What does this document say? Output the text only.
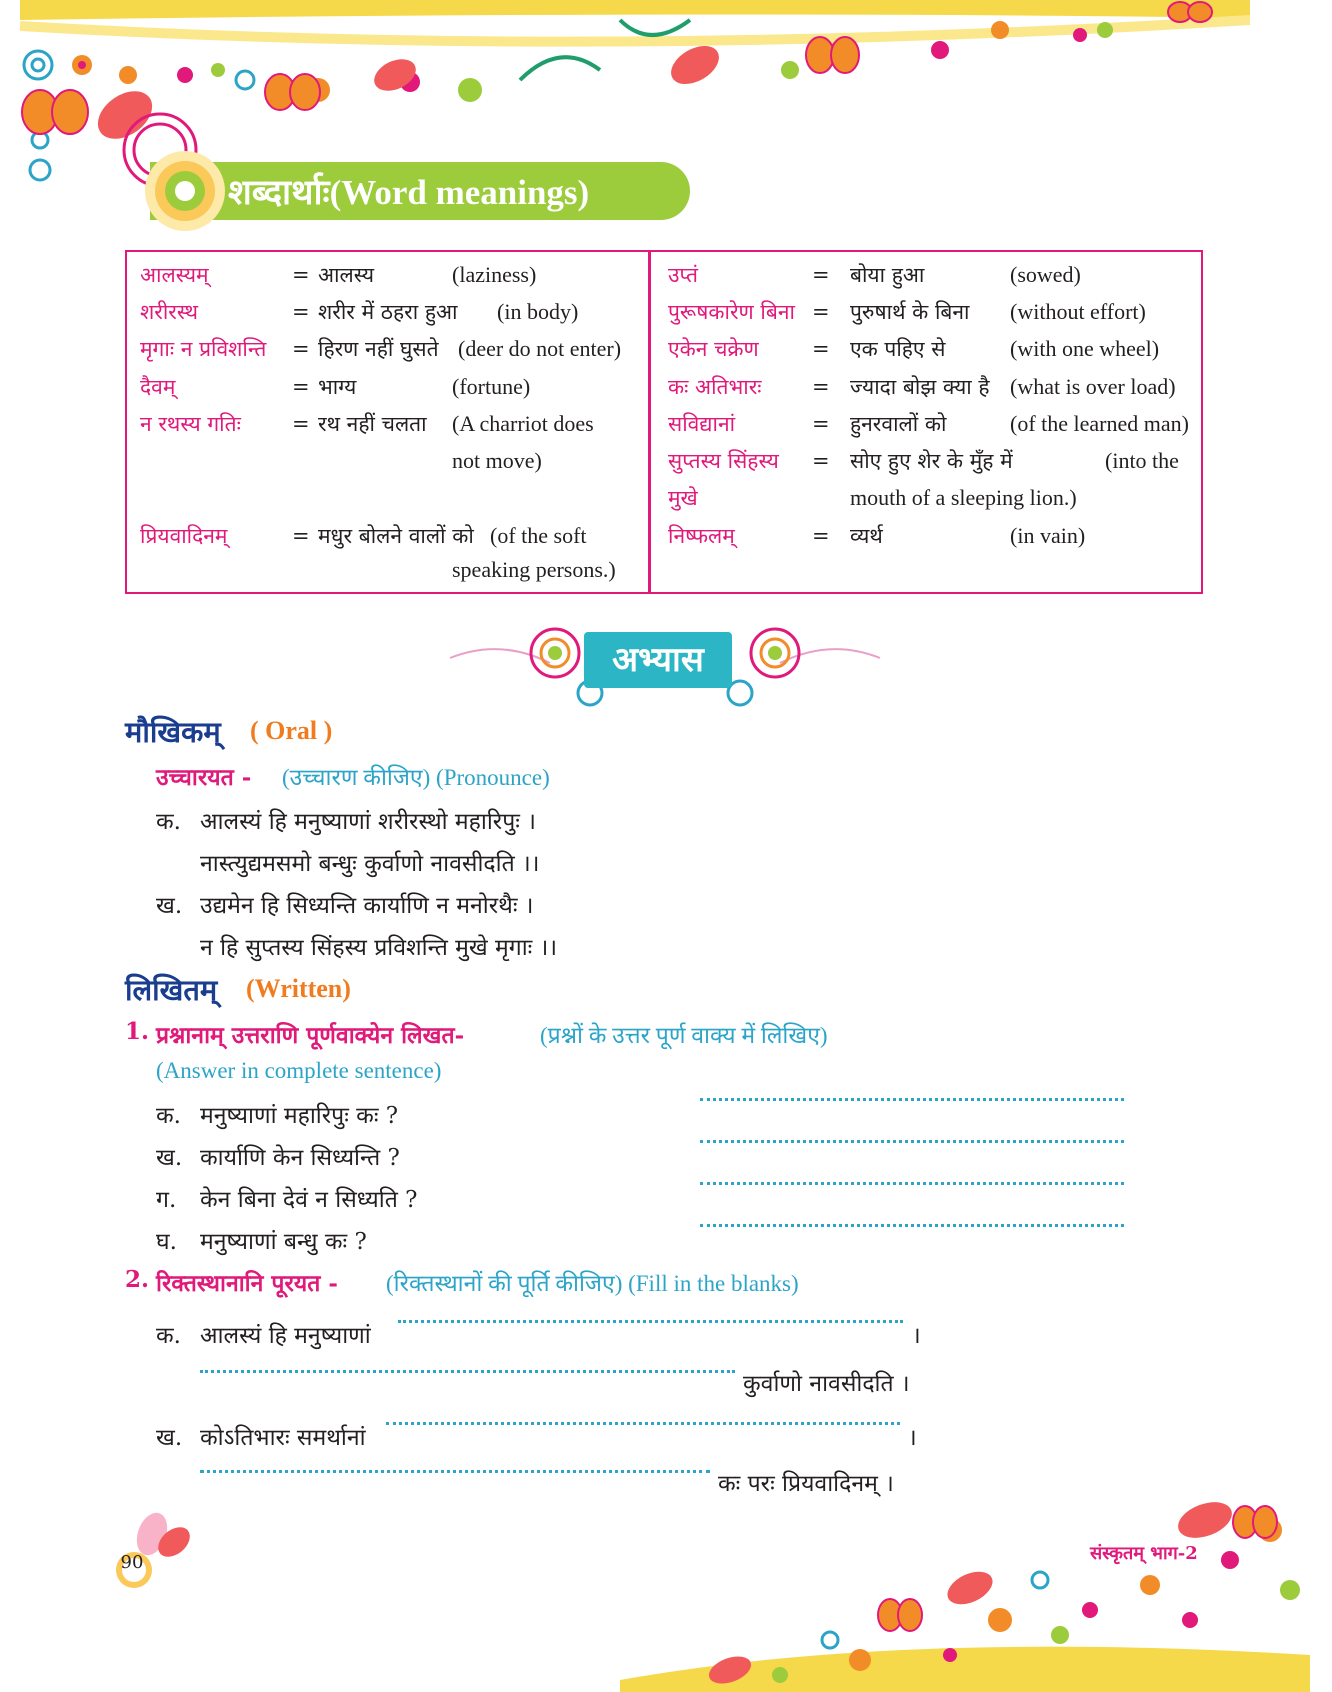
शब्दार्थाः(Word meanings)
आलस्यम्	= आलस्य	(laziness)
शरीरस्थ	= शरीर में ठहरा हुआ (in body)
मृगाः न प्रविशन्ति = हिरण नहीं घुसते (deer do not enter)
दैवम्	= भाग्य	(fortune)
न रथस्य गतिः = रथ नहीं चलता (A charriot does
not move)
प्रियवादिनम्	= मधुर बोलने वालों को (of the soft
speaking persons.)
उप्तं	= बोया हुआ	(sowed)
पुरूषकारेण बिना = पुरुषार्थ के बिना (without effort)
एकेन चक्रेण	= एक पहिए से	(with one wheel)
कः अतिभारः = ज्यादा बोझ क्या है (what is over load)
सविद्यानां	= हुनरवालों को	(of the learned man)
सुप्तस्य सिंहस्य
मुखे
= सोए हुए शेर के मुँह में	(into the
mouth of a sleeping lion.)
निष्फलम्	= व्यर्थ	(in vain)
अभ्यास
मौखिकम् ( Oral )
उच्चारयत - (उच्चारण कीजिए) (Pronounce)
क. आलस्यं हि मनुष्याणां शरीरस्थो महारिपुः ।
नास्त्युद्यमसमो बन्धुः कुर्वाणो नावसीदति ।।
ख. उद्यमेन हि सिध्यन्ति कार्याणि न मनोरथैः ।
न हि सुप्तस्य सिंहस्य प्रविशन्ति मुखे मृगाः ।।
लिखितम् (Written)
1. प्रश्नानाम् उत्तराणि पूर्णवाक्येन लिखत-	(प्रश्नों के उत्तर पूर्ण वाक्य में लिखिए)
(Answer in complete sentence)
क. मनुष्याणां महारिपुः कः ?
ख. कार्याणि केन सिध्यन्ति ?
ग. केन बिना देवं न सिध्यति ?
घ. मनुष्याणां बन्धु कः ?
2. रिक्तस्थानानि पूरयत - (रिक्तस्थानों की पूर्ति कीजिए) (Fill in the blanks)
क. आलस्यं हि मनुष्याणां	।
कुर्वाणो नावसीदति ।
ख. कोऽतिभारः समर्थानां	।
कः परः प्रियवादिनम् ।
90	संस्कृतम् भाग-2
